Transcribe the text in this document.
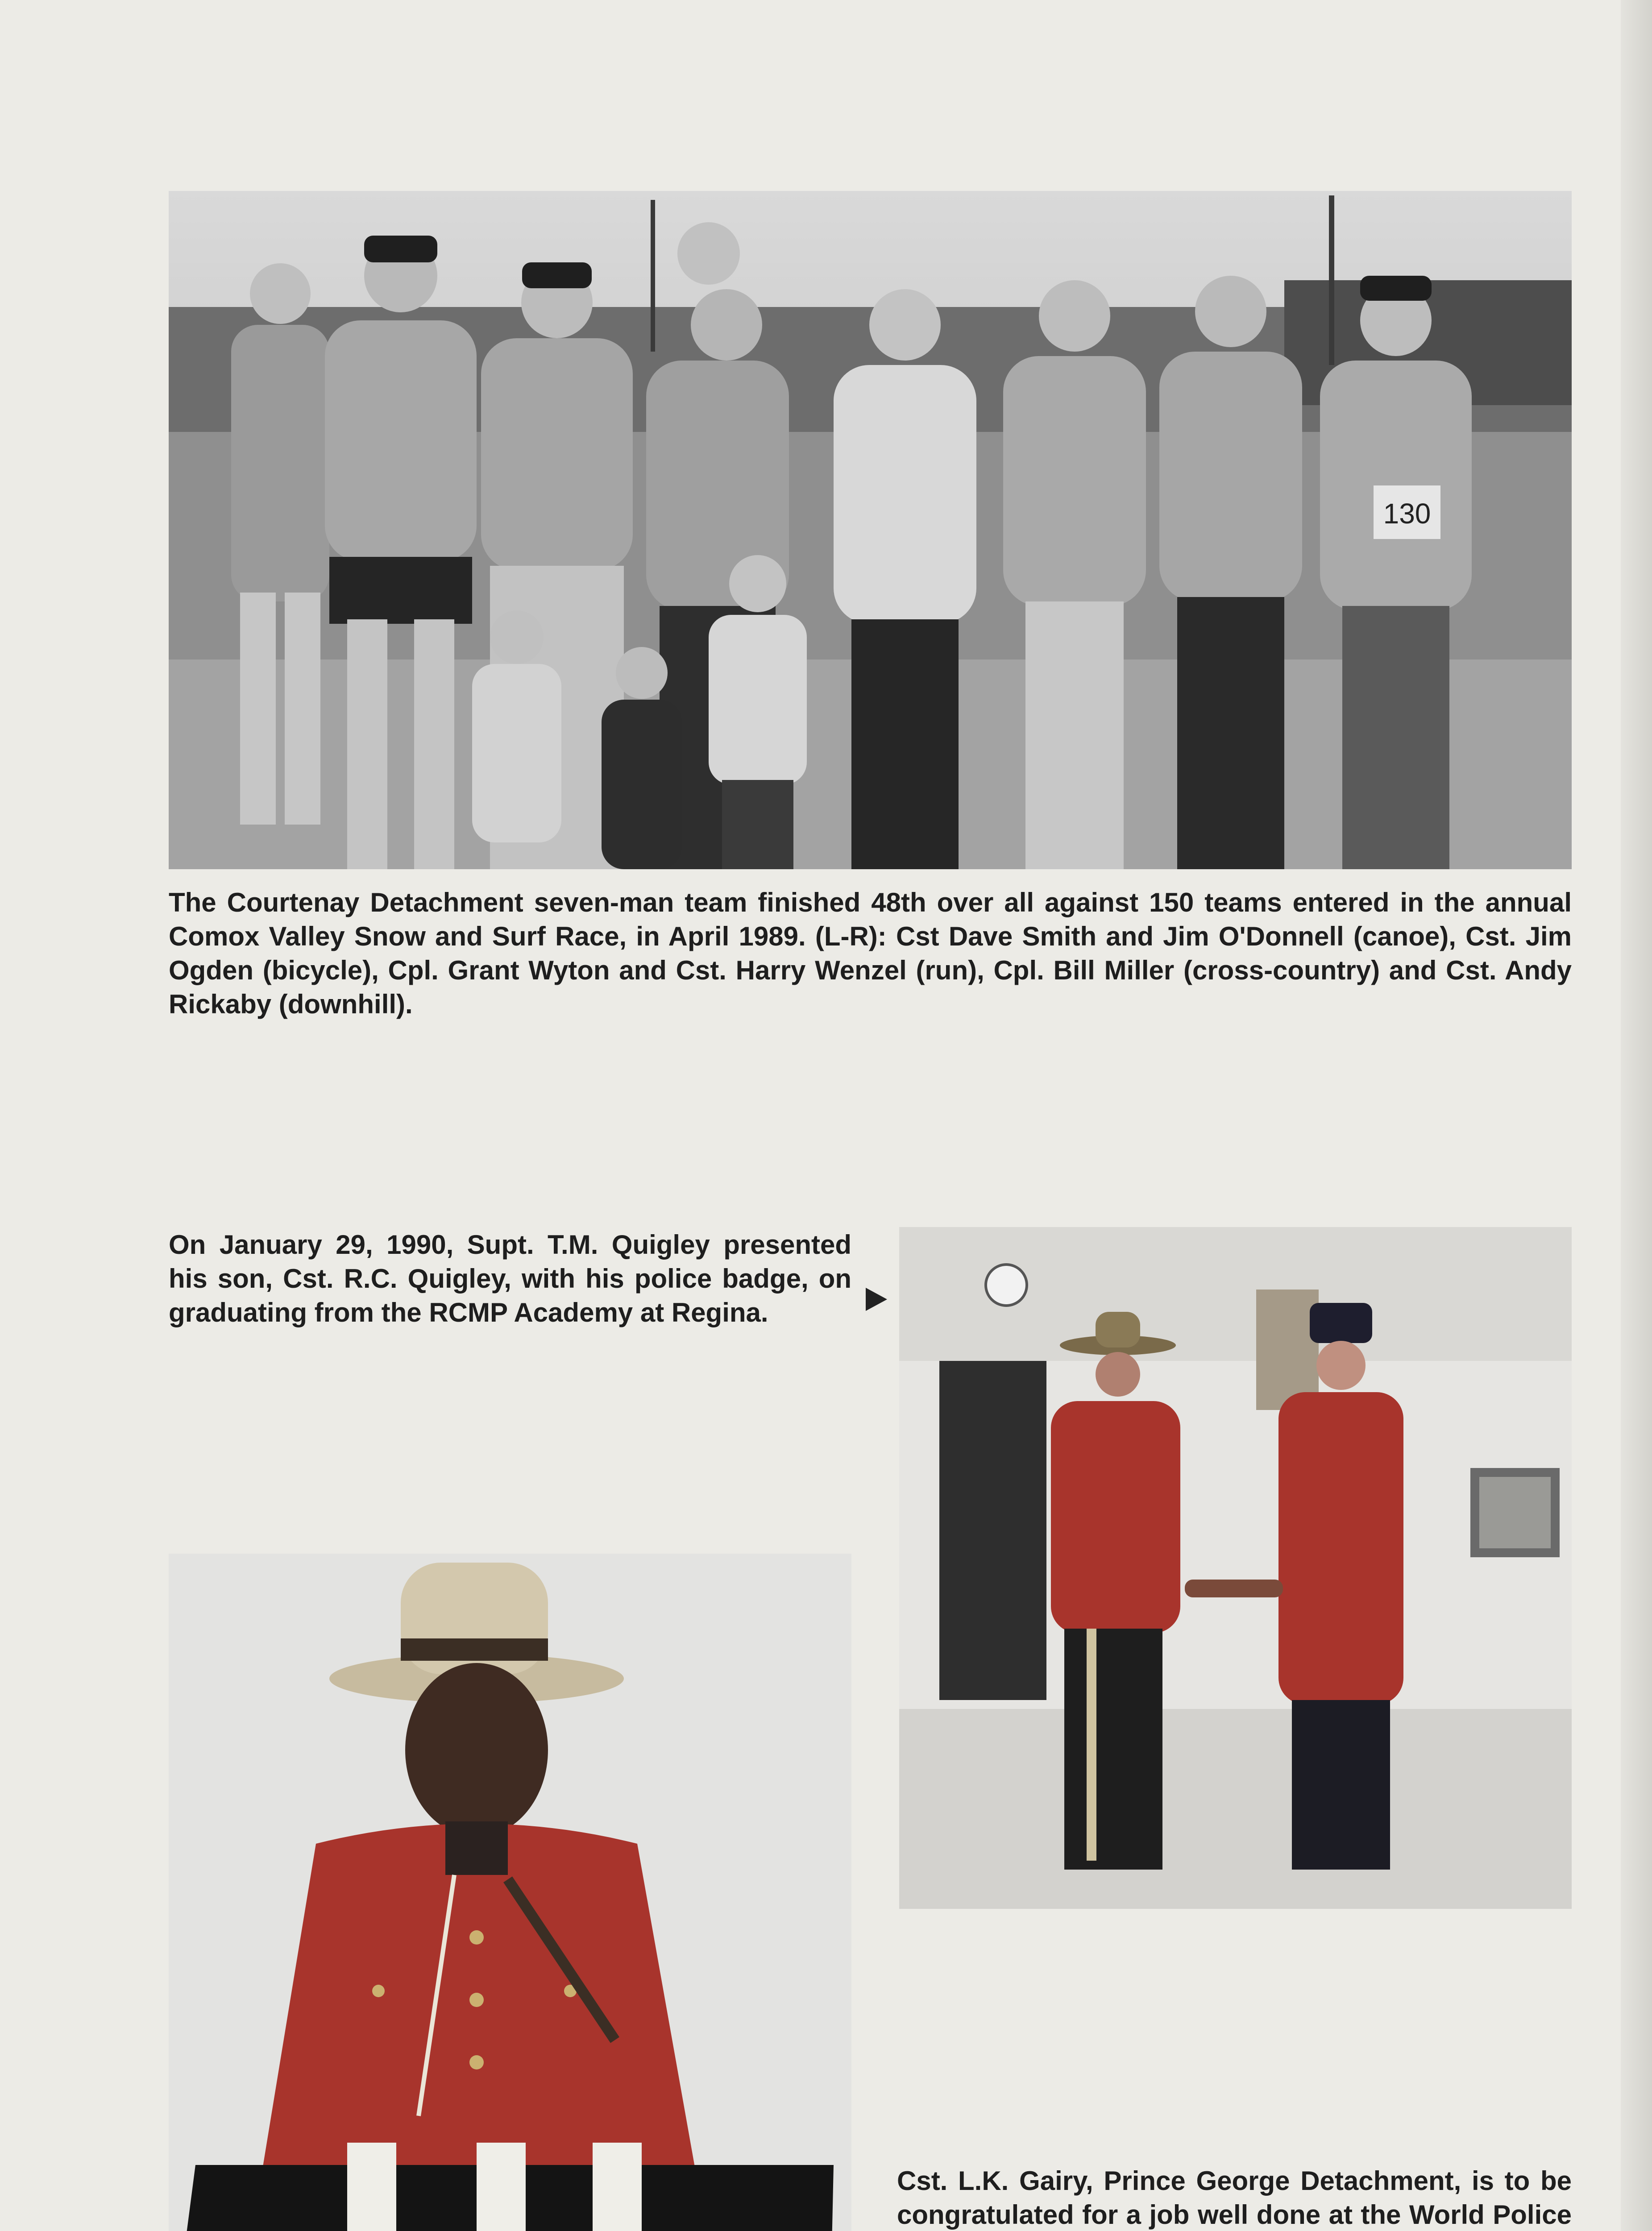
130

The Courtenay Detachment seven-man team finished 48th over all against 150 teams entered in the annual Comox Valley Snow and Surf Race, in April 1989. (L-R): Cst Dave Smith and Jim O'Donnell (canoe), Cst. Jim Ogden (bicycle), Cpl. Grant Wyton and Cst. Harry Wenzel (run), Cpl. Bill Miller (cross-country) and Cst. Andy Rickaby (downhill).

On January 29, 1990, Supt. T.M. Quigley presented his son, Cst. R.C. Quigley, with his police badge, on graduating from the RCMP Academy at Regina.

Cst. L.K. Gairy, Prince George Detachment, is to be congratulated for a job well done at the World Police
